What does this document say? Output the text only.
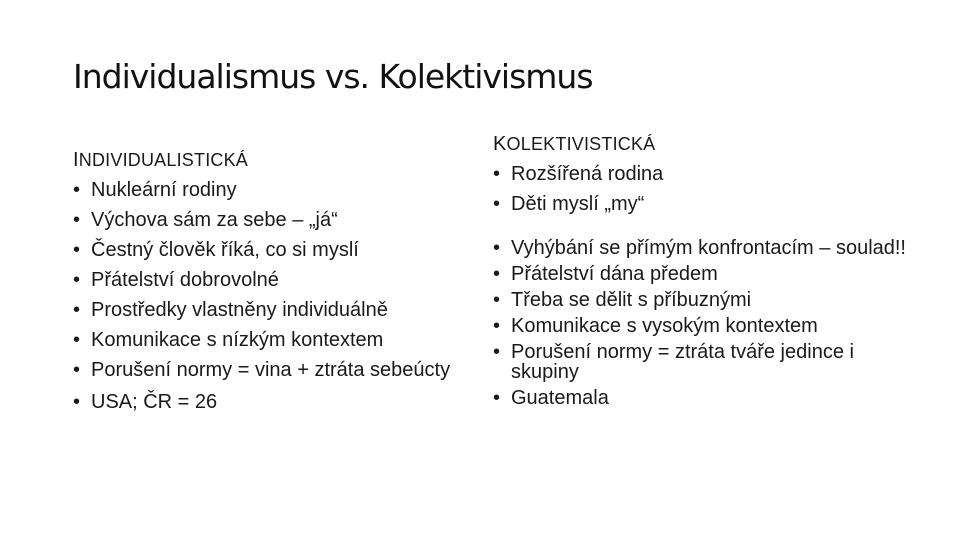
Individualismus vs. Kolektivismus
INDIVIDUALISTICKÁ
• Nukleární rodiny
• Výchova sám za sebe – „já“
• Čestný člověk říká, co si myslí
• Přátelství dobrovolné
• Prostředky vlastněny individuálně
• Komunikace s nízkým kontextem
• Porušení normy = vina + ztráta sebeúcty
• USA; ČR = 26
KOLEKTIVISTICKÁ
• Rozšířená rodina
• Děti myslí „my“
• Vyhýbání se přímým konfrontacím – soulad!!
• Přátelství dána předem
• Třeba se dělit s příbuznými
• Komunikace s vysokým kontextem
• Porušení normy = ztráta tváře jedince i skupiny
• Guatemala
